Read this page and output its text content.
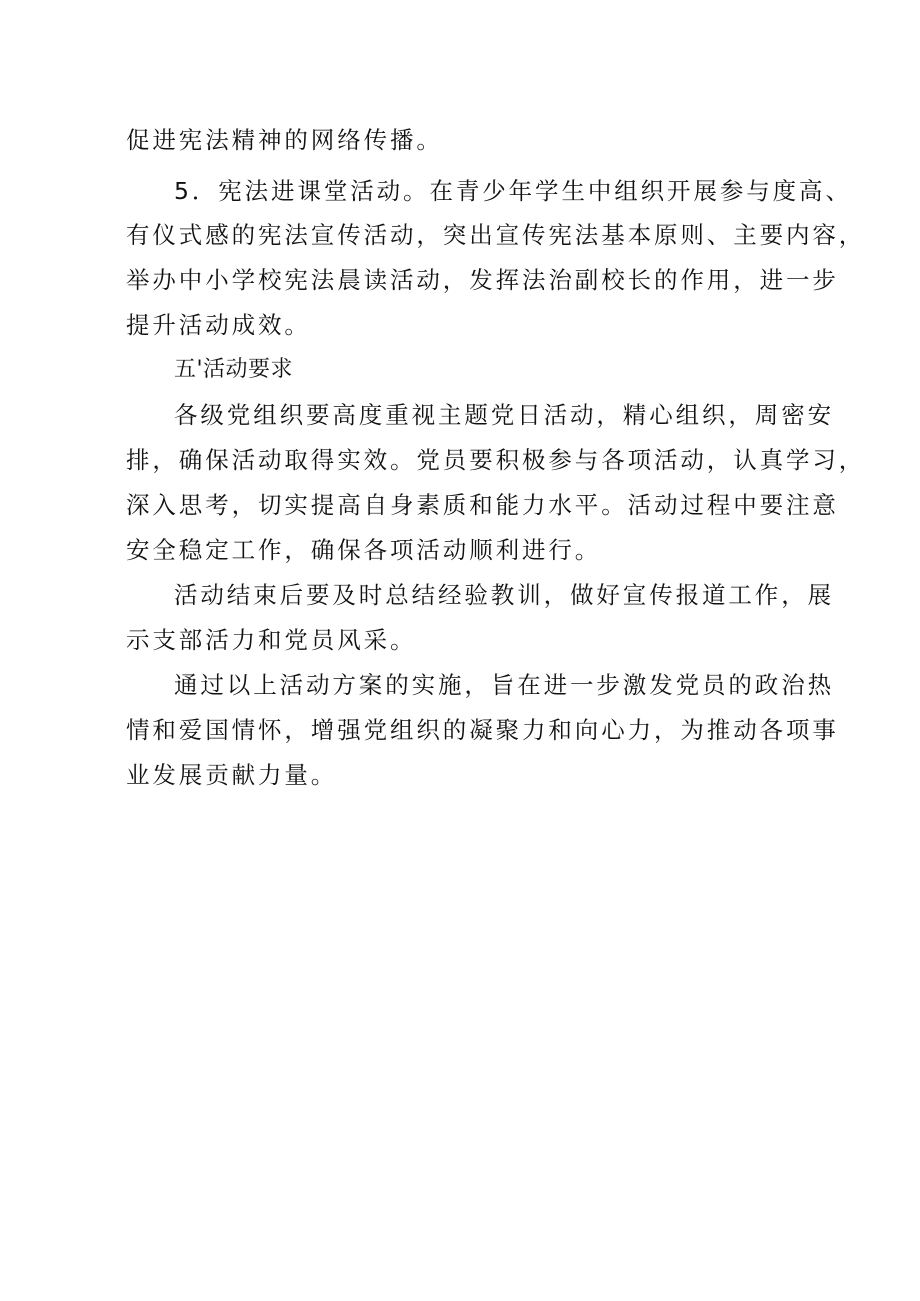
促进宪法精神的网络传播。
5．宪法进课堂活动。在青少年学生中组织开展参与度高、
有仪式感的宪法宣传活动，突出宣传宪法基本原则、主要内容，
举办中小学校宪法晨读活动，发挥法治副校长的作用，进一步
提升活动成效。
五'活动要求
各级党组织要高度重视主题党日活动，精心组织，周密安
排，确保活动取得实效。党员要积极参与各项活动，认真学习，
深入思考，切实提高自身素质和能力水平。活动过程中要注意
安全稳定工作，确保各项活动顺利进行。
活动结束后要及时总结经验教训，做好宣传报道工作，展
示支部活力和党员风采。
通过以上活动方案的实施，旨在进一步激发党员的政治热
情和爱国情怀，增强党组织的凝聚力和向心力，为推动各项事
业发展贡献力量。
